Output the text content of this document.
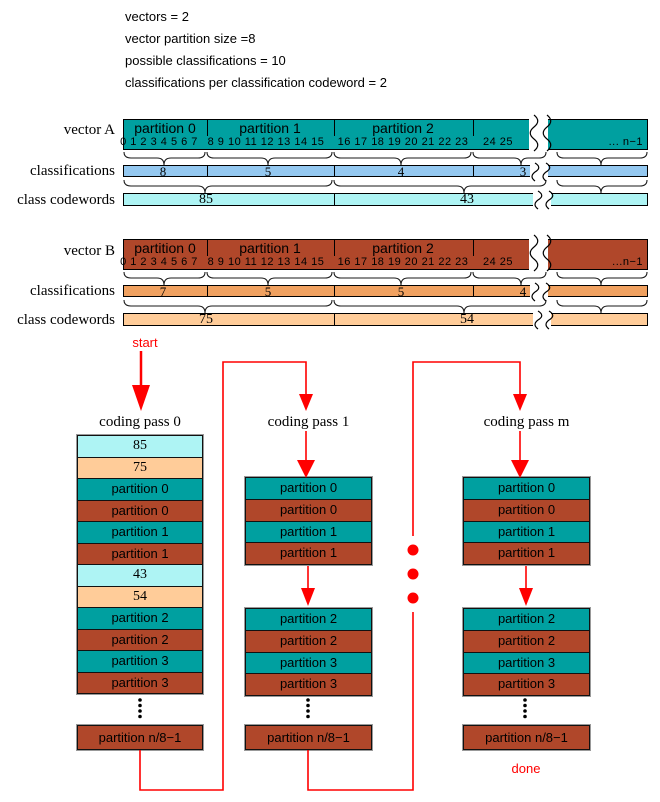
vectors = 2
vector partition size =8
possible classifications = 10
classifications per classification codeword = 2
vector A
classifications
class codewords
partition 0	partition 1	partition 2
0 1 2 3 4 5 6 7 8 9 10 11 12 13 14 15 16 17 18 19 20 21 22 23 24 25	... n−1
8	5	4	3
85	43
vector B
classifications
class codewords
partition 0	partition 1	partition 2
0 1 2 3 4 5 6 7 8 9 10 11 12 13 14 15 16 17 18 19 20 21 22 23 24 25	...n−1
7	5	5	4
75	54
start
done
coding pass 0
85
75
partition 0
partition 0
partition 1
partition 1
43
54
partition 2
partition 2
partition 3
partition 3
partition n/8−1
coding pass 1
partition 0
partition 0
partition 1
partition 1
partition 2
partition 2
partition 3
partition 3
partition n/8−1
coding pass m
partition 0
partition 0
partition 1
partition 1
partition 2
partition 2
partition 3
partition 3
partition n/8−1
